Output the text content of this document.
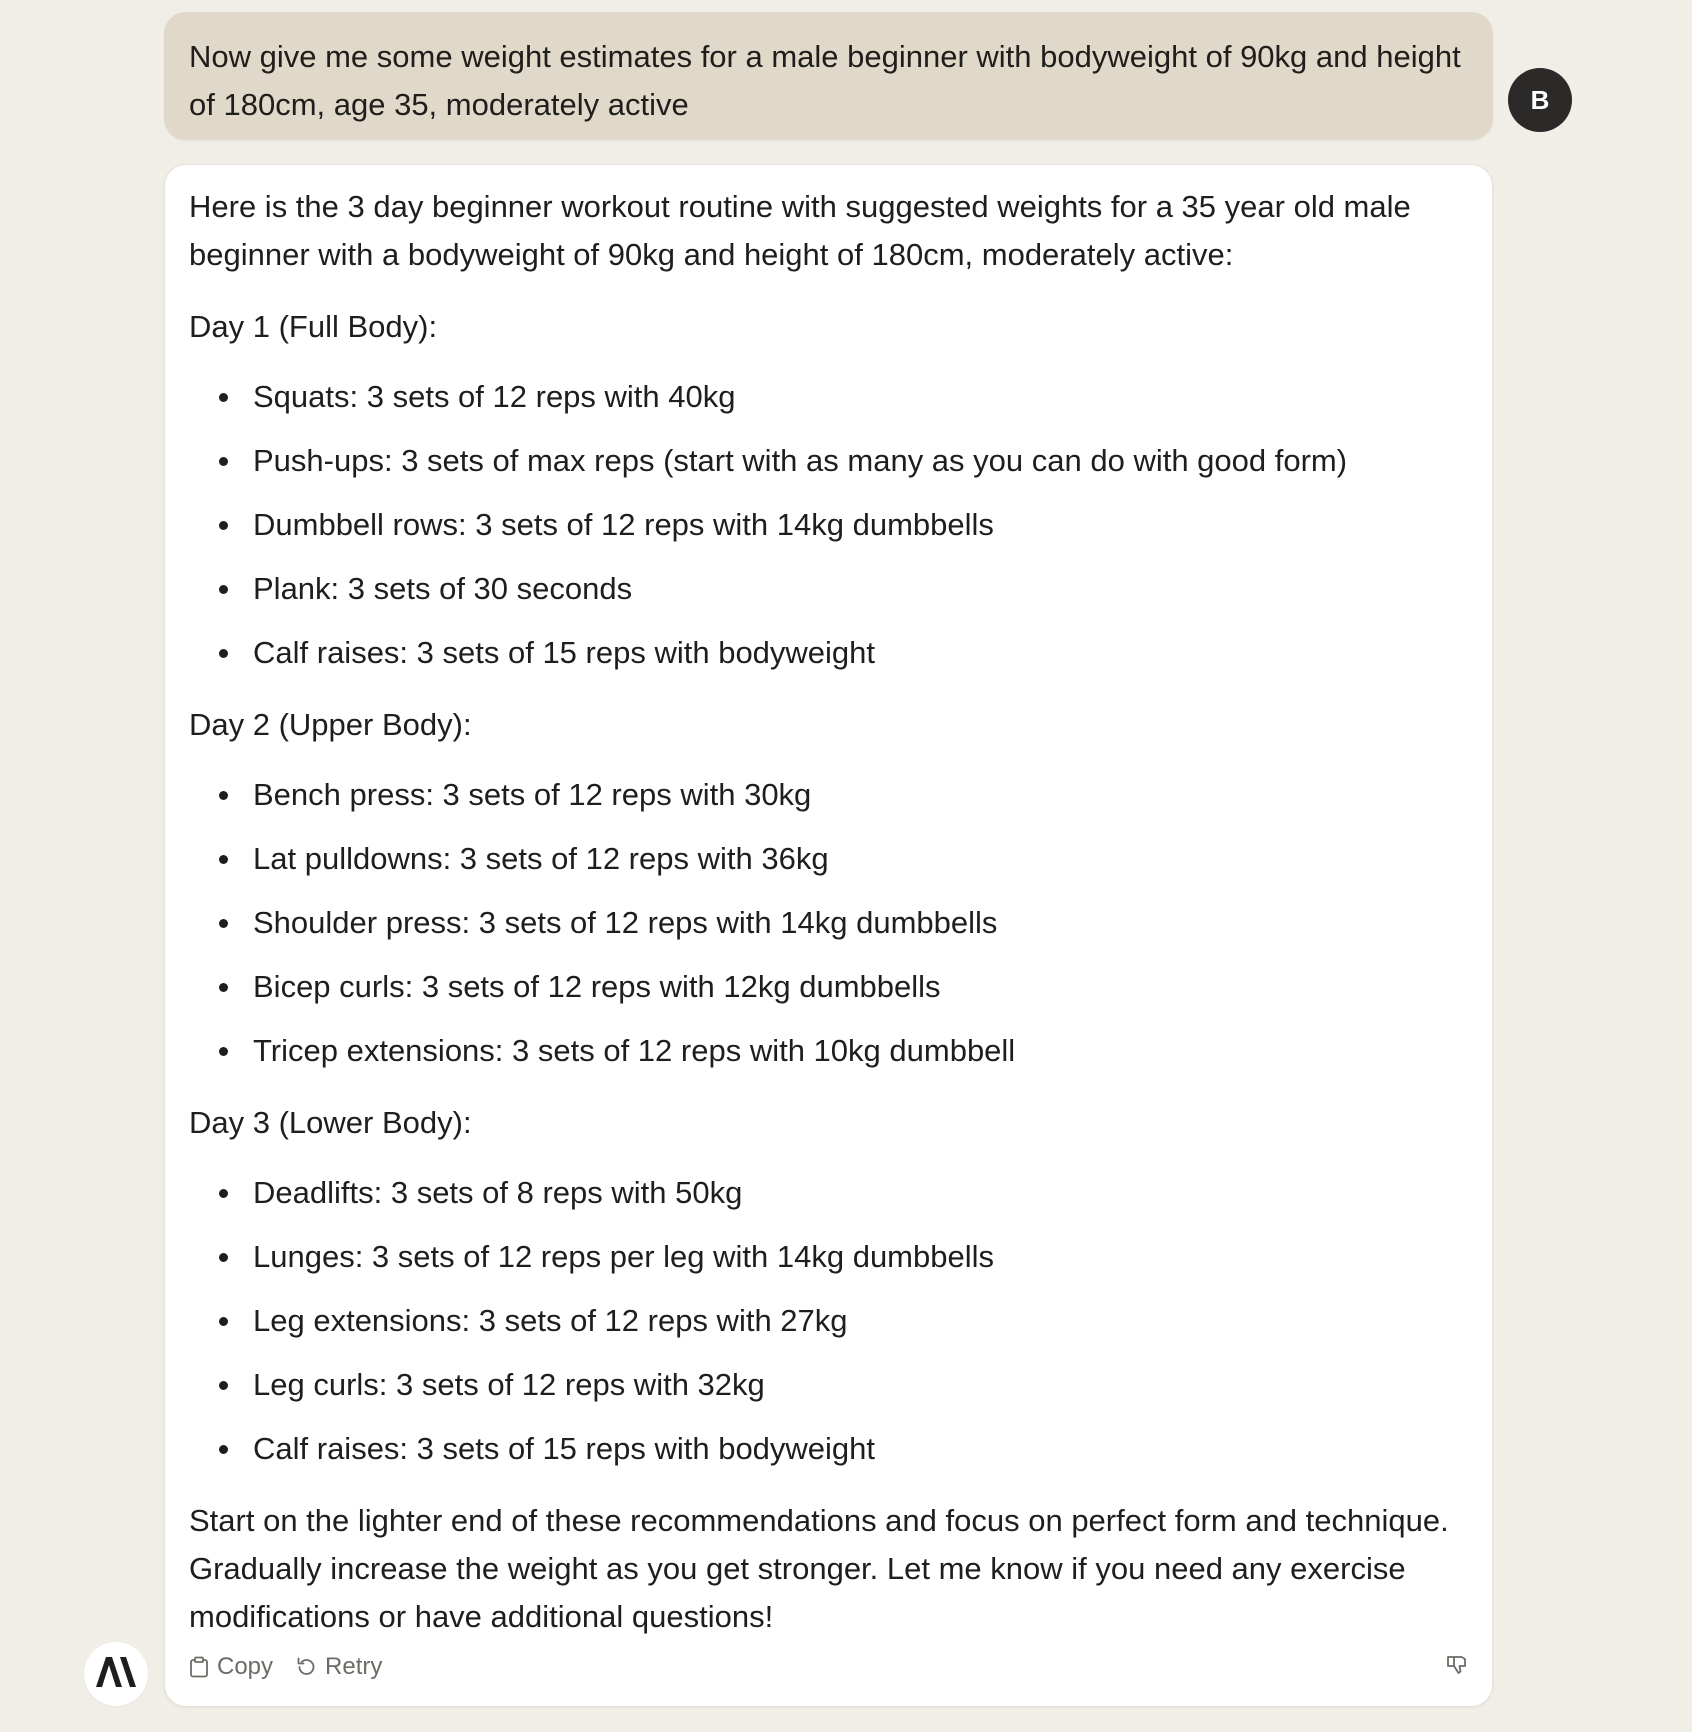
Now give me some weight estimates for a male beginner with bodyweight of 90kg and height of 180cm, age 35, moderately active	B

Here is the 3 day beginner workout routine with suggested weights for a 35 year old male beginner with a bodyweight of 90kg and height of 180cm, moderately active:

Day 1 (Full Body):

Squats: 3 sets of 12 reps with 40kg
Push-ups: 3 sets of max reps (start with as many as you can do with good form)
Dumbbell rows: 3 sets of 12 reps with 14kg dumbbells
Plank: 3 sets of 30 seconds
Calf raises: 3 sets of 15 reps with bodyweight

Day 2 (Upper Body):

Bench press: 3 sets of 12 reps with 30kg
Lat pulldowns: 3 sets of 12 reps with 36kg
Shoulder press: 3 sets of 12 reps with 14kg dumbbells
Bicep curls: 3 sets of 12 reps with 12kg dumbbells
Tricep extensions: 3 sets of 12 reps with 10kg dumbbell

Day 3 (Lower Body):

Deadlifts: 3 sets of 8 reps with 50kg
Lunges: 3 sets of 12 reps per leg with 14kg dumbbells
Leg extensions: 3 sets of 12 reps with 27kg
Leg curls: 3 sets of 12 reps with 32kg
Calf raises: 3 sets of 15 reps with bodyweight

Start on the lighter end of these recommendations and focus on perfect form and technique. Gradually increase the weight as you get stronger. Let me know if you need any exercise modifications or have additional questions!

Copy Retry
